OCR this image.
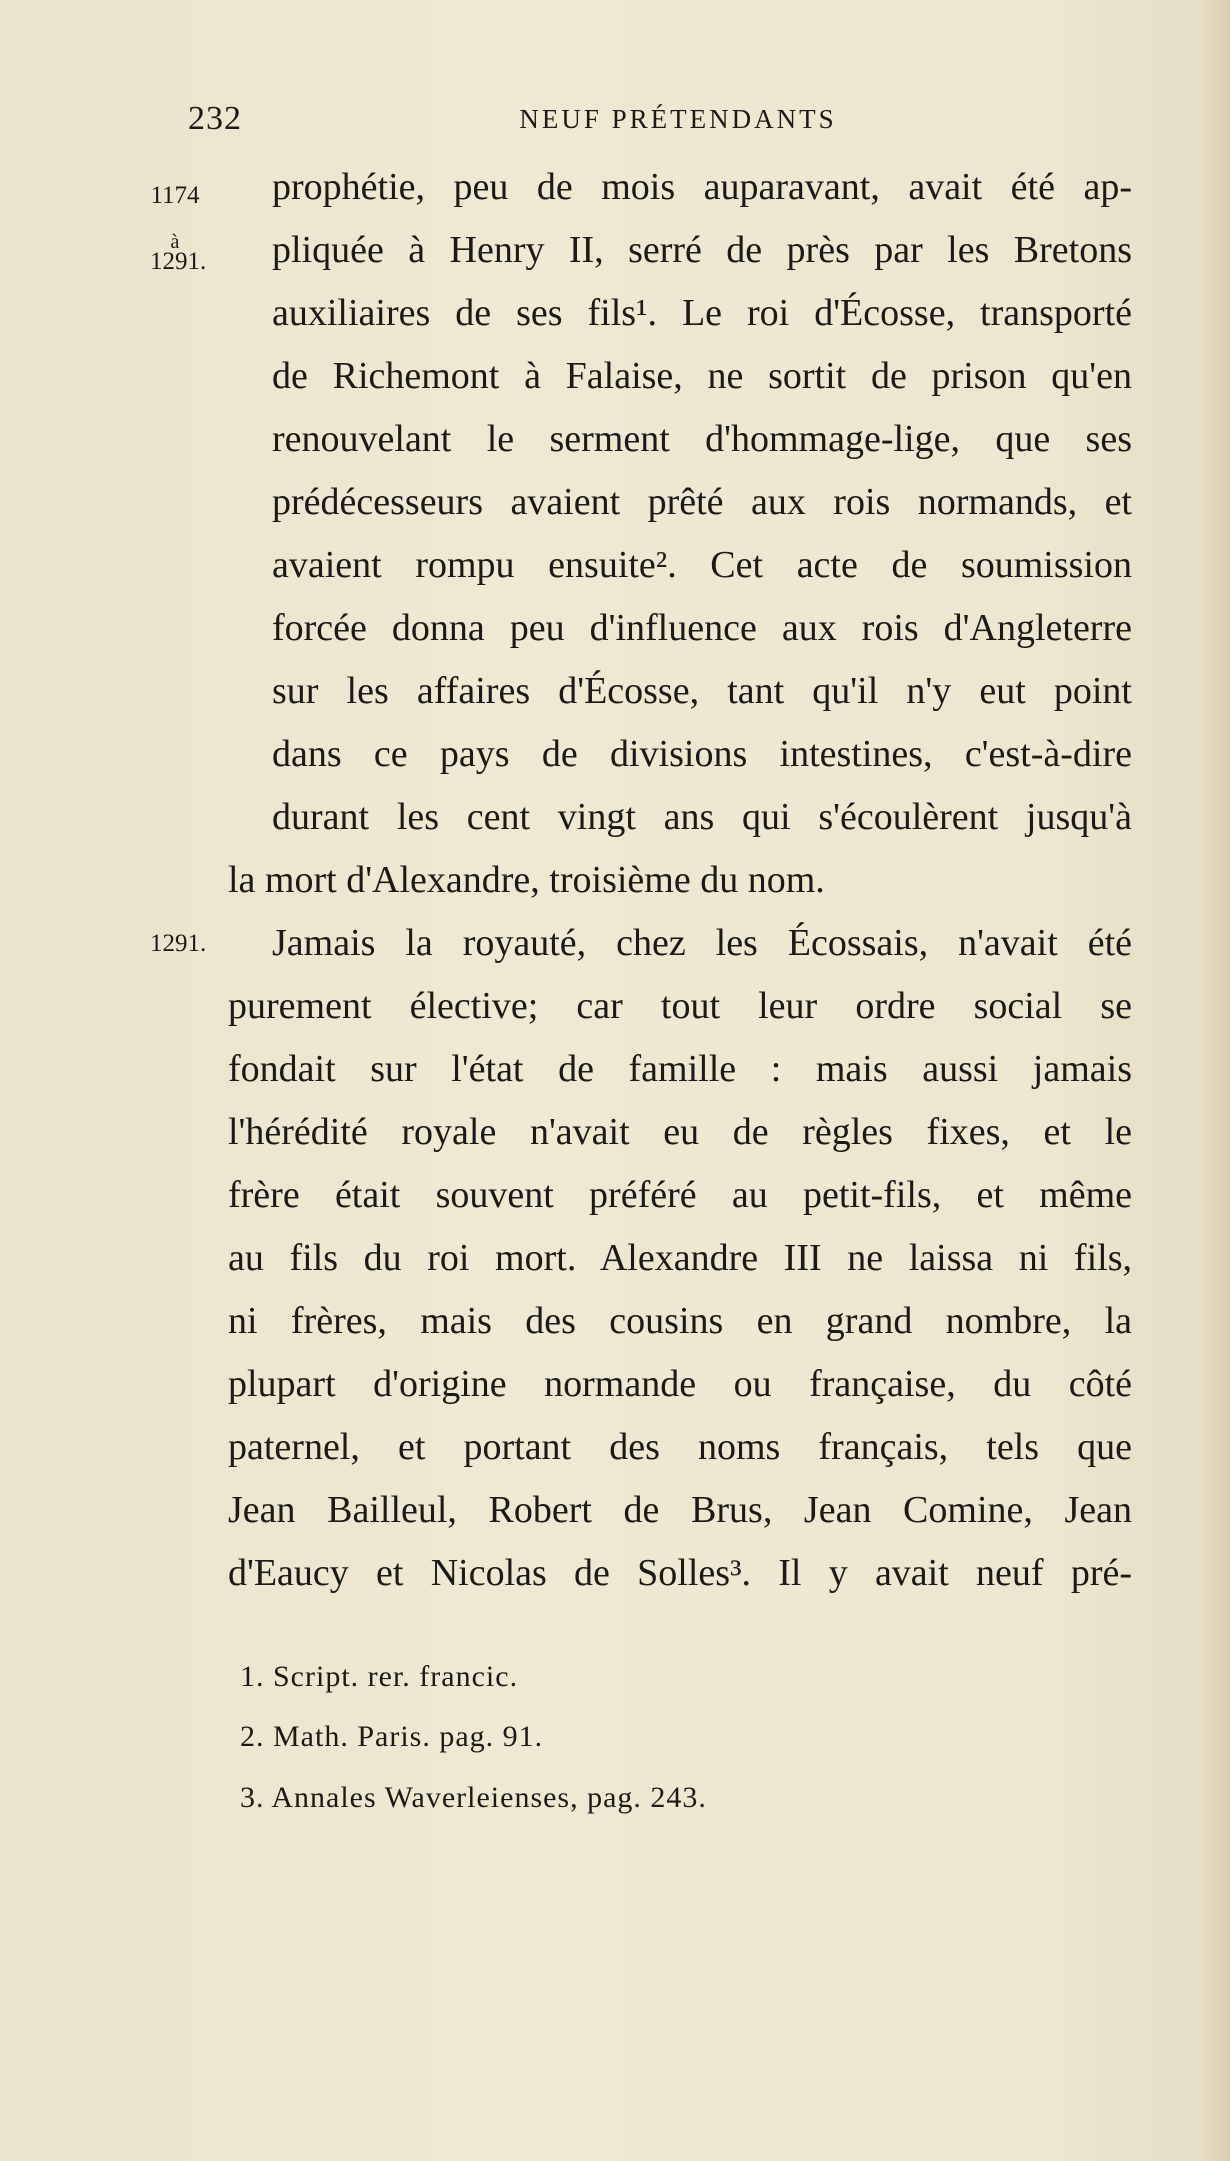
232	NEUF PRÉTENDANTS
1174
à
1291.
1291.
prophétie, peu de mois auparavant, avait été ap-
pliquée à Henry II, serré de près par les Bretons
auxiliaires de ses fils¹. Le roi d'Écosse, transporté
de Richemont à Falaise, ne sortit de prison qu'en
renouvelant le serment d'hommage-lige, que ses
prédécesseurs avaient prêté aux rois normands, et
avaient rompu ensuite². Cet acte de soumission
forcée donna peu d'influence aux rois d'Angleterre
sur les affaires d'Écosse, tant qu'il n'y eut point
dans ce pays de divisions intestines, c'est-à-dire
durant les cent vingt ans qui s'écoulèrent jusqu'à
la mort d'Alexandre, troisième du nom.
Jamais la royauté, chez les Écossais, n'avait été
purement élective; car tout leur ordre social se
fondait sur l'état de famille : mais aussi jamais
l'hérédité royale n'avait eu de règles fixes, et le
frère était souvent préféré au petit-fils, et même
au fils du roi mort. Alexandre III ne laissa ni fils,
ni frères, mais des cousins en grand nombre, la
plupart d'origine normande ou française, du côté
paternel, et portant des noms français, tels que
Jean Bailleul, Robert de Brus, Jean Comine, Jean
d'Eaucy et Nicolas de Solles³. Il y avait neuf pré-
1. Script. rer. francic.
2. Math. Paris. pag. 91.
3. Annales Waverleienses, pag. 243.
